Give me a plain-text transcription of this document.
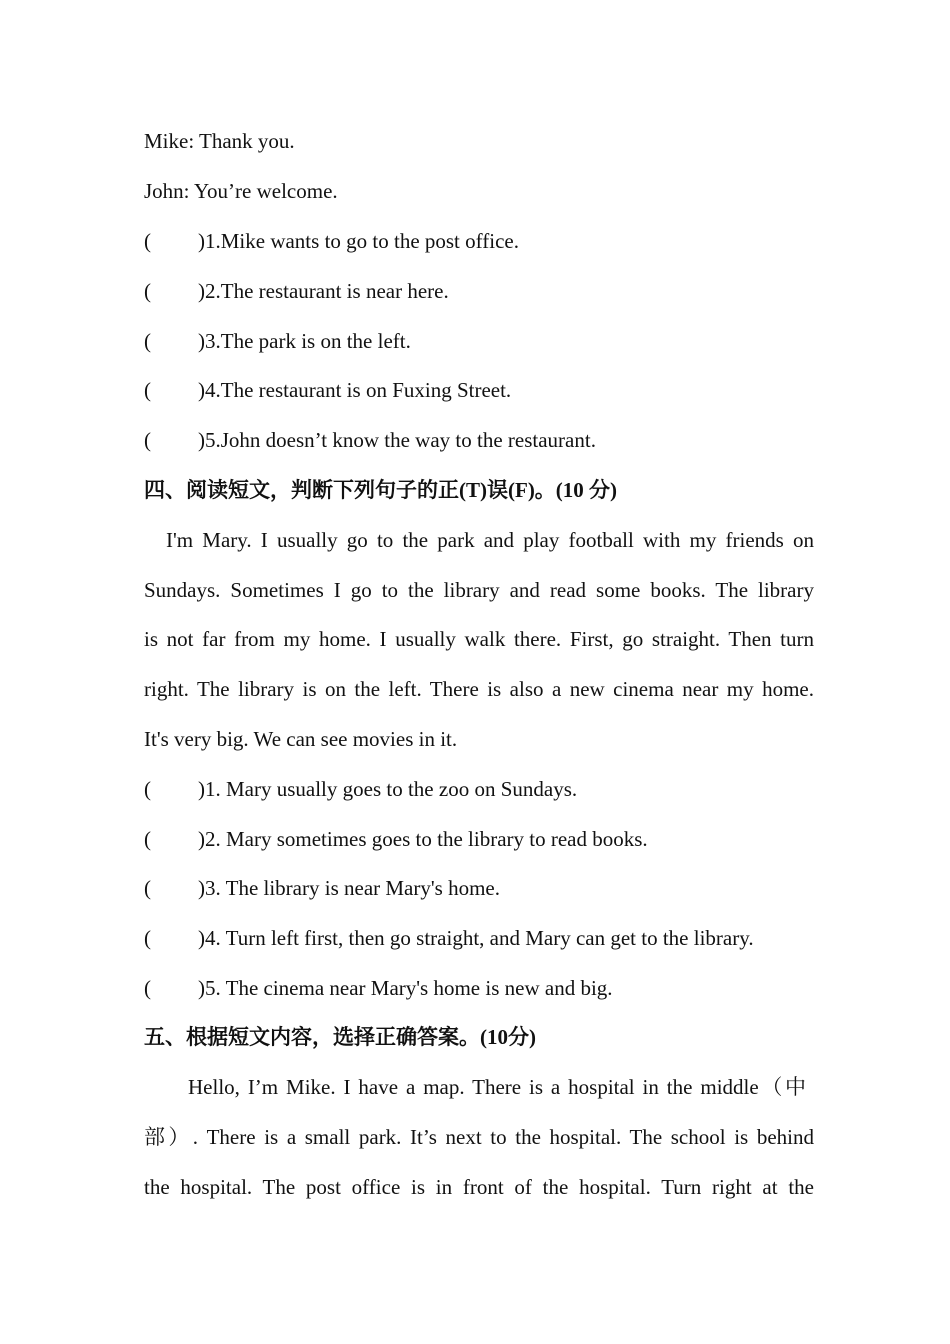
Mike: Thank you.
John: You’re welcome.
( )1.Mike wants to go to the post office.
( )2.The restaurant is near here.
( )3.The park is on the left.
( )4.The restaurant is on Fuxing Street.
( )5.John doesn’t know the way to the restaurant.
四、阅读短文，判断下列句子的正(T)误(F)。(10 分)
I'm Mary. I usually go to the park and play football with my friends on
Sundays. Sometimes I go to the library and read some books. The library
is not far from my home. I usually walk there. First, go straight. Then turn
right. The library is on the left. There is also a new cinema near my home.
It's very big. We can see movies in it.
( )1. Mary usually goes to the zoo on Sundays.
( )2. Mary sometimes goes to the library to read books.
( )3. The library is near Mary's home.
( )4. Turn left first, then go straight, and Mary can get to the library.
( )5. The cinema near Mary's home is new and big.
五、根据短文内容，选择正确答案。(10分)
Hello, I’m Mike. I have a map. There is a hospital in the middle（中
部）. There is a small park. It’s next to the hospital. The school is behind
the hospital. The post office is in front of the hospital. Turn right at the
